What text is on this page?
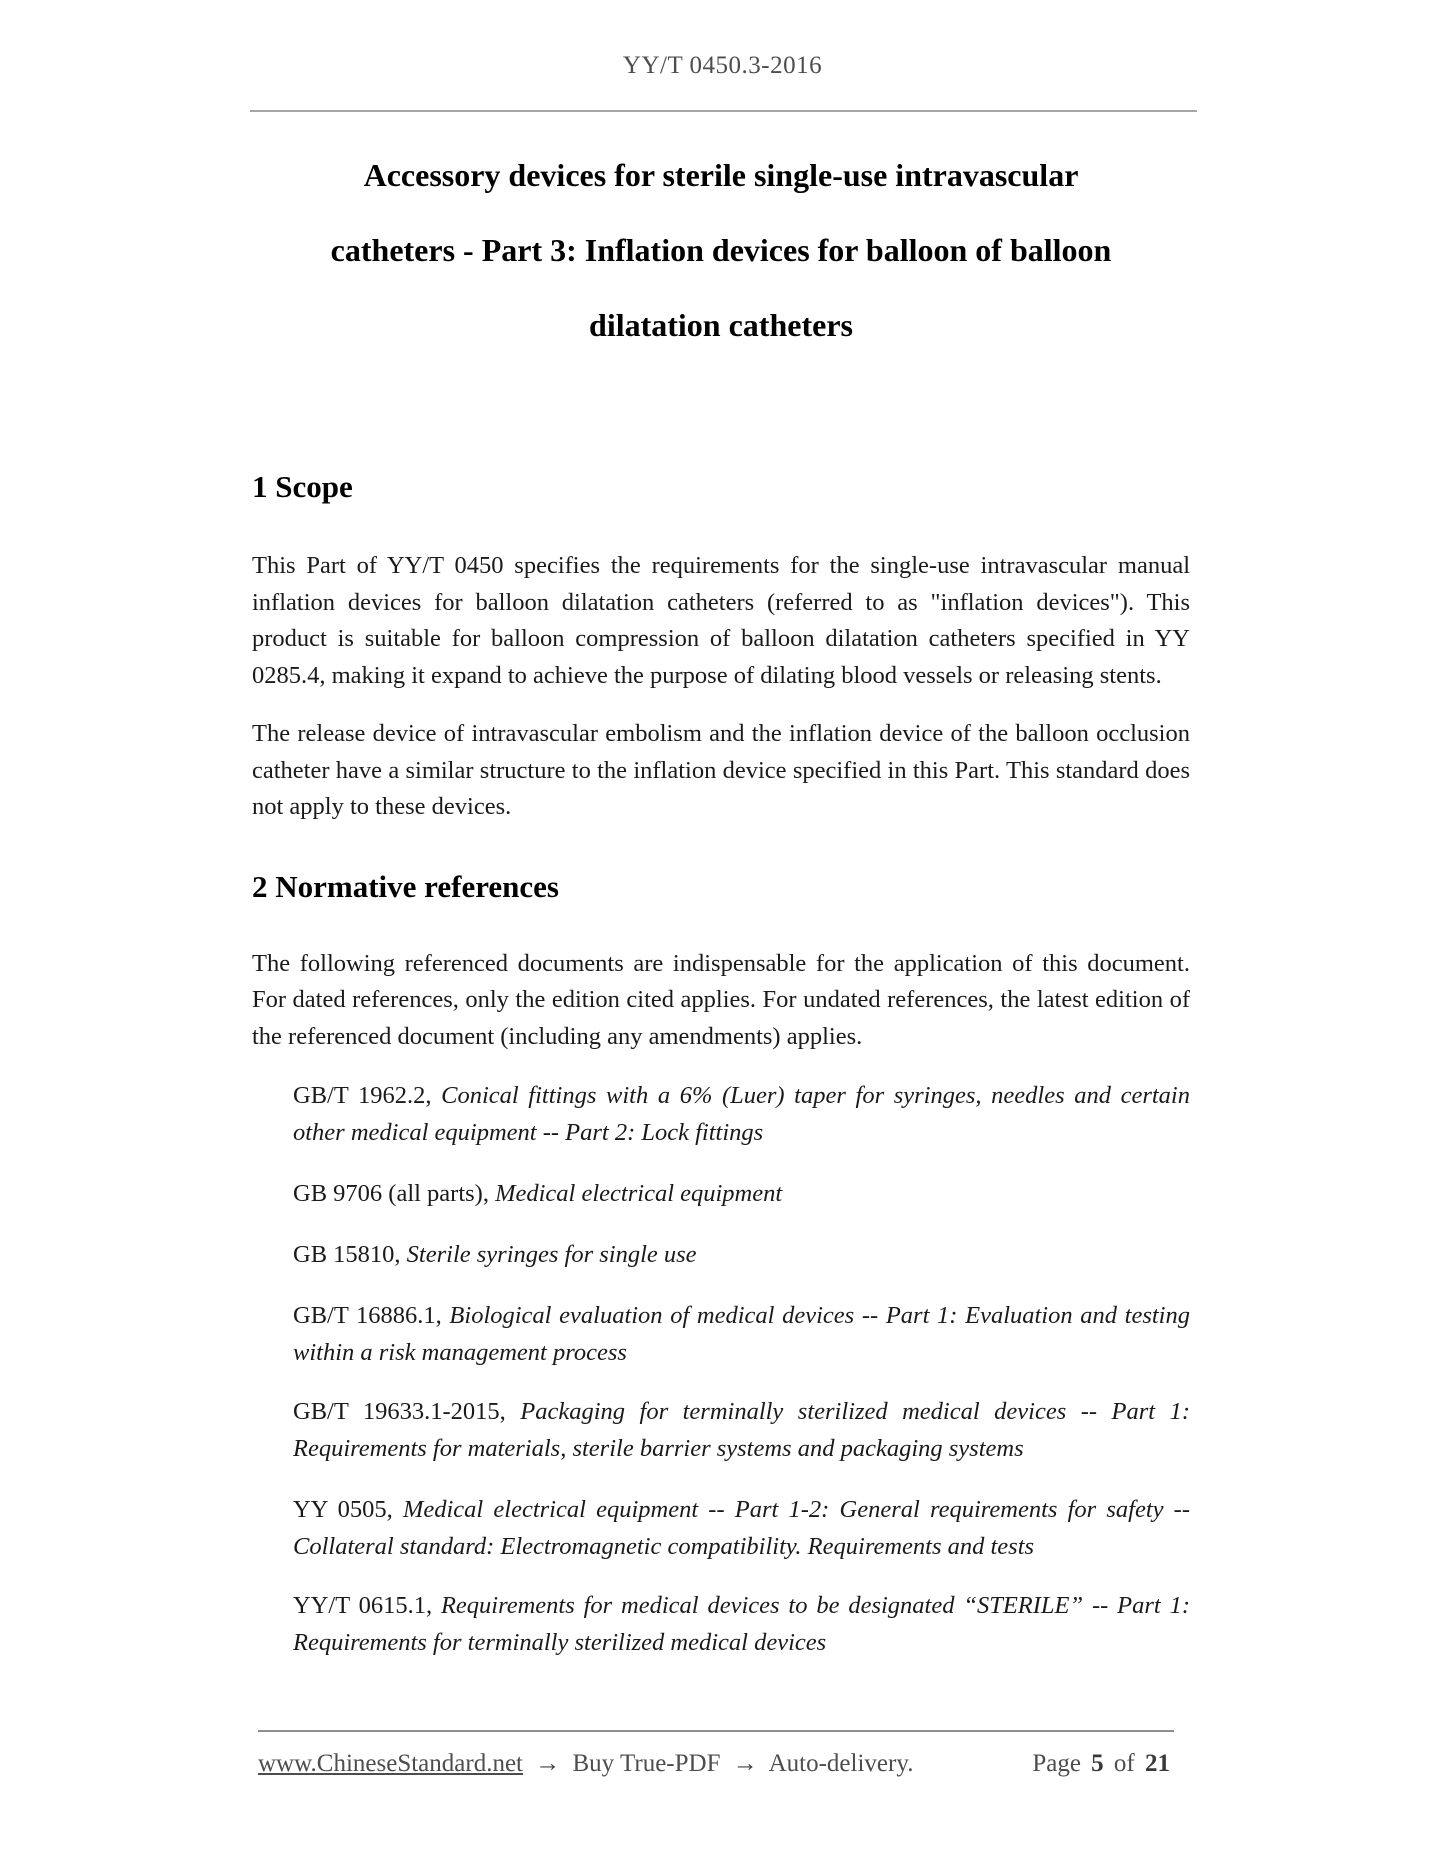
YY/T 0450.3-2016
Accessory devices for sterile single-use intravascular
catheters - Part 3: Inflation devices for balloon of balloon
dilatation catheters
1 Scope

This Part of YY/T 0450 specifies the requirements for the single-use intravascular manual inflation devices for balloon dilatation catheters (referred to as "inflation devices"). This product is suitable for balloon compression of balloon dilatation catheters specified in YY 0285.4, making it expand to achieve the purpose of dilating blood vessels or releasing stents.

The release device of intravascular embolism and the inflation device of the balloon occlusion catheter have a similar structure to the inflation device specified in this Part. This standard does not apply to these devices.

2 Normative references

The following referenced documents are indispensable for the application of this document. For dated references, only the edition cited applies. For undated references, the latest edition of the referenced document (including any amendments) applies.

GB/T 1962.2, Conical fittings with a 6% (Luer) taper for syringes, needles and certain other medical equipment -- Part 2: Lock fittings

GB 9706 (all parts), Medical electrical equipment

GB 15810, Sterile syringes for single use

GB/T 16886.1, Biological evaluation of medical devices -- Part 1: Evaluation and testing within a risk management process

GB/T 19633.1-2015, Packaging for terminally sterilized medical devices -- Part 1: Requirements for materials, sterile barrier systems and packaging systems

YY 0505, Medical electrical equipment -- Part 1-2: General requirements for safety -- Collateral standard: Electromagnetic compatibility. Requirements and tests

YY/T 0615.1, Requirements for medical devices to be designated “STERILE” -- Part 1: Requirements for terminally sterilized medical devices

www.ChineseStandard.net → Buy True-PDF → Auto-delivery.	Page 5 of 21
